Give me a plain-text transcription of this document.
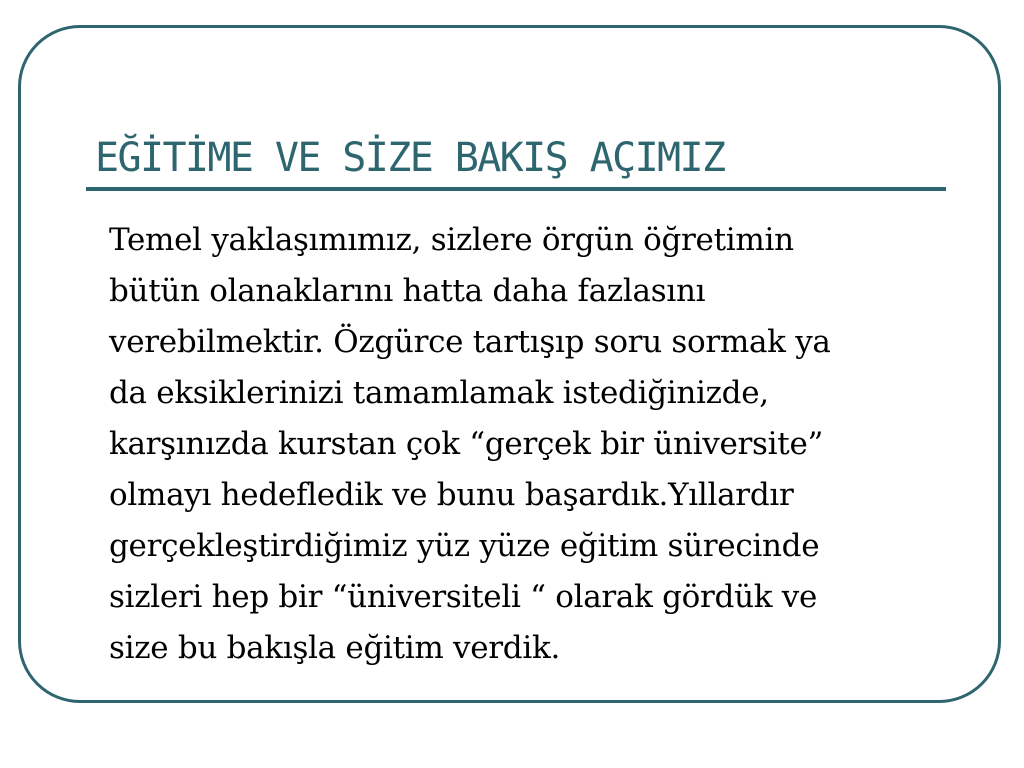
EĞİTİME VE SİZE BAKIŞ AÇIMIZ
Temel yaklaşımımız, sizlere örgün öğretimin
bütün olanaklarını hatta daha fazlasını
verebilmektir. Özgürce tartışıp soru sormak ya
da eksiklerinizi tamamlamak istediğinizde,
karşınızda kurstan çok “gerçek bir üniversite”
olmayı hedefledik ve bunu başardık.Yıllardır
gerçekleştirdiğimiz yüz yüze eğitim sürecinde
sizleri hep bir “üniversiteli “ olarak gördük ve
size bu bakışla eğitim verdik.
